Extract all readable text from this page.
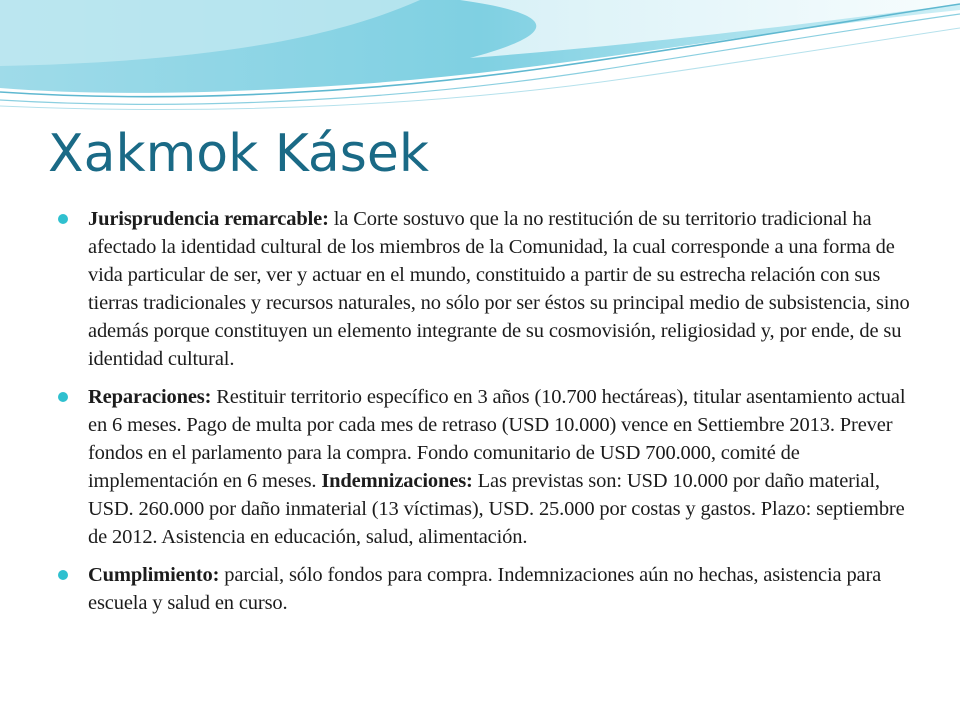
Xakmok Kásek

Jurisprudencia remarcable: la Corte sostuvo que la no restitución de su territorio tradicional ha afectado la identidad cultural de los miembros de la Comunidad, la cual corresponde a una forma de vida particular de ser, ver y actuar en el mundo, constituido a partir de su estrecha relación con sus tierras tradicionales y recursos naturales, no sólo por ser éstos su principal medio de subsistencia, sino además porque constituyen un elemento integrante de su cosmovisión, religiosidad y, por ende, de su identidad cultural.

Reparaciones: Restituir territorio específico en 3 años (10.700 hectáreas), titular asentamiento actual en 6 meses. Pago de multa por cada mes de retraso (USD 10.000) vence en Settiembre 2013. Prever fondos en el parlamento para la compra. Fondo comunitario de USD 700.000, comité de implementación en 6 meses. Indemnizaciones: Las previstas son: USD 10.000 por daño material, USD. 260.000 por daño inmaterial (13 víctimas), USD. 25.000 por costas y gastos. Plazo: septiembre de 2012. Asistencia en educación, salud, alimentación.

Cumplimiento: parcial, sólo fondos para compra. Indemnizaciones aún no hechas, asistencia para escuela y salud en curso.
